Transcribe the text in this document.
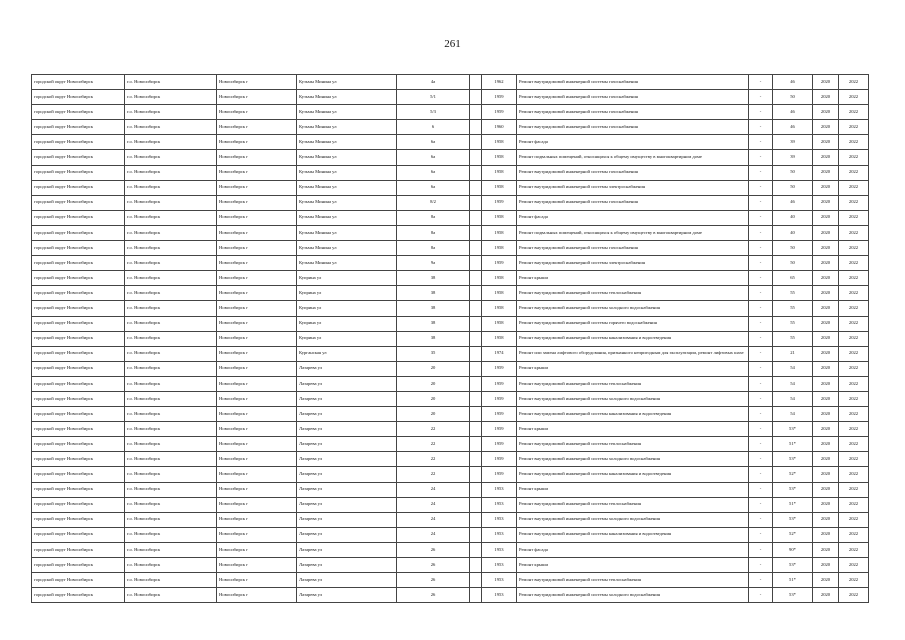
261
городской округ Новосибирск	г.о. Новосибирск	Новосибирск г	Кузьмы Минина ул	4а		1962	Ремонт внутридомовой инженерной системы газоснабжения	-	46	2020	2022
городской округ Новосибирск	г.о. Новосибирск	Новосибирск г	Кузьмы Минина ул	5/1		1959	Ремонт внутридомовой инженерной системы газоснабжения	-	50	2020	2022
городской округ Новосибирск	г.о. Новосибирск	Новосибирск г	Кузьмы Минина ул	5/3		1959	Ремонт внутридомовой инженерной системы газоснабжения	-	46	2020	2022
городской округ Новосибирск	г.о. Новосибирск	Новосибирск г	Кузьмы Минина ул	6		1960	Ремонт внутридомовой инженерной системы газоснабжения	-	46	2020	2022
городской округ Новосибирск	г.о. Новосибирск	Новосибирск г	Кузьмы Минина ул	6а		1958	Ремонт фасада	-	39	2020	2022
городской округ Новосибирск	г.о. Новосибирск	Новосибирск г	Кузьмы Минина ул	6а		1958	Ремонт подвальных помещений, относящихся к общему имуществу в многоквартирном доме	-	39	2020	2022
городской округ Новосибирск	г.о. Новосибирск	Новосибирск г	Кузьмы Минина ул	6а		1958	Ремонт внутридомовой инженерной системы газоснабжения	-	50	2020	2022
городской округ Новосибирск	г.о. Новосибирск	Новосибирск г	Кузьмы Минина ул	6а		1958	Ремонт внутридомовой инженерной системы электроснабжения	-	50	2020	2022
городской округ Новосибирск	г.о. Новосибирск	Новосибирск г	Кузьмы Минина ул	8/2		1959	Ремонт внутридомовой инженерной системы газоснабжения	-	46	2020	2022
городской округ Новосибирск	г.о. Новосибирск	Новосибирск г	Кузьмы Минина ул	8а		1958	Ремонт фасада	-	40	2020	2022
городской округ Новосибирск	г.о. Новосибирск	Новосибирск г	Кузьмы Минина ул	8а		1958	Ремонт подвальных помещений, относящихся к общему имуществу в многоквартирном доме	-	40	2020	2022
городской округ Новосибирск	г.о. Новосибирск	Новосибирск г	Кузьмы Минина ул	8а		1958	Ремонт внутридомовой инженерной системы газоснабжения	-	50	2020	2022
городской округ Новосибирск	г.о. Новосибирск	Новосибирск г	Кузьмы Минина ул	9а		1959	Ремонт внутридомовой инженерной системы электроснабжения	-	50	2020	2022
городской округ Новосибирск	г.о. Новосибирск	Новосибирск г	Куприна ул	38		1958	Ремонт крыши	-	65	2020	2022
городской округ Новосибирск	г.о. Новосибирск	Новосибирск г	Куприна ул	38		1958	Ремонт внутридомовой инженерной системы теплоснабжения	-	55	2020	2022
городской округ Новосибирск	г.о. Новосибирск	Новосибирск г	Куприна ул	38		1958	Ремонт внутридомовой инженерной системы холодного водоснабжения	-	55	2020	2022
городской округ Новосибирск	г.о. Новосибирск	Новосибирск г	Куприна ул	38		1958	Ремонт внутридомовой инженерной системы горячего водоснабжения	-	55	2020	2022
городской округ Новосибирск	г.о. Новосибирск	Новосибирск г	Куприна ул	38		1958	Ремонт внутридомовой инженерной системы канализования и водоотведения	-	55	2020	2022
городской округ Новосибирск	г.о. Новосибирск	Новосибирск г	Курганская ул	35		1974	Ремонт или замена лифтового оборудования, признанного непригодным для эксплуатации, ремонт лифтовых шахт	-	21	2020	2022
городской округ Новосибирск	г.о. Новосибирск	Новосибирск г	Лазарева ул	20		1959	Ремонт крыши	-	54	2020	2022
городской округ Новосибирск	г.о. Новосибирск	Новосибирск г	Лазарева ул	20		1959	Ремонт внутридомовой инженерной системы теплоснабжения	-	54	2020	2022
городской округ Новосибирск	г.о. Новосибирск	Новосибирск г	Лазарева ул	20		1959	Ремонт внутридомовой инженерной системы холодного водоснабжения	-	54	2020	2022
городской округ Новосибирск	г.о. Новосибирск	Новосибирск г	Лазарева ул	20		1959	Ремонт внутридомовой инженерной системы канализования и водоотведения	-	54	2020	2022
городской округ Новосибирск	г.о. Новосибирск	Новосибирск г	Лазарева ул	22		1959	Ремонт крыши	-	53*	2020	2022
городской округ Новосибирск	г.о. Новосибирск	Новосибирск г	Лазарева ул	22		1959	Ремонт внутридомовой инженерной системы теплоснабжения	-	51*	2020	2022
городской округ Новосибирск	г.о. Новосибирск	Новосибирск г	Лазарева ул	22		1959	Ремонт внутридомовой инженерной системы холодного водоснабжения	-	53*	2020	2022
городской округ Новосибирск	г.о. Новосибирск	Новосибирск г	Лазарева ул	22		1959	Ремонт внутридомовой инженерной системы канализования и водоотведения	-	52*	2020	2022
городской округ Новосибирск	г.о. Новосибирск	Новосибирск г	Лазарева ул	24		1953	Ремонт крыши	-	53*	2020	2022
городской округ Новосибирск	г.о. Новосибирск	Новосибирск г	Лазарева ул	24		1953	Ремонт внутридомовой инженерной системы теплоснабжения	-	51*	2020	2022
городской округ Новосибирск	г.о. Новосибирск	Новосибирск г	Лазарева ул	24		1953	Ремонт внутридомовой инженерной системы холодного водоснабжения	-	53*	2020	2022
городской округ Новосибирск	г.о. Новосибирск	Новосибирск г	Лазарева ул	24		1953	Ремонт внутридомовой инженерной системы канализования и водоотведения	-	52*	2020	2022
городской округ Новосибирск	г.о. Новосибирск	Новосибирск г	Лазарева ул	26		1953	Ремонт фасада	-	90*	2020	2022
городской округ Новосибирск	г.о. Новосибирск	Новосибирск г	Лазарева ул	26		1953	Ремонт крыши	-	53*	2020	2022
городской округ Новосибирск	г.о. Новосибирск	Новосибирск г	Лазарева ул	26		1953	Ремонт внутридомовой инженерной системы теплоснабжения	-	51*	2020	2022
городской округ Новосибирск	г.о. Новосибирск	Новосибирск г	Лазарева ул	26		1953	Ремонт внутридомовой инженерной системы холодного водоснабжения	-	53*	2020	2022
